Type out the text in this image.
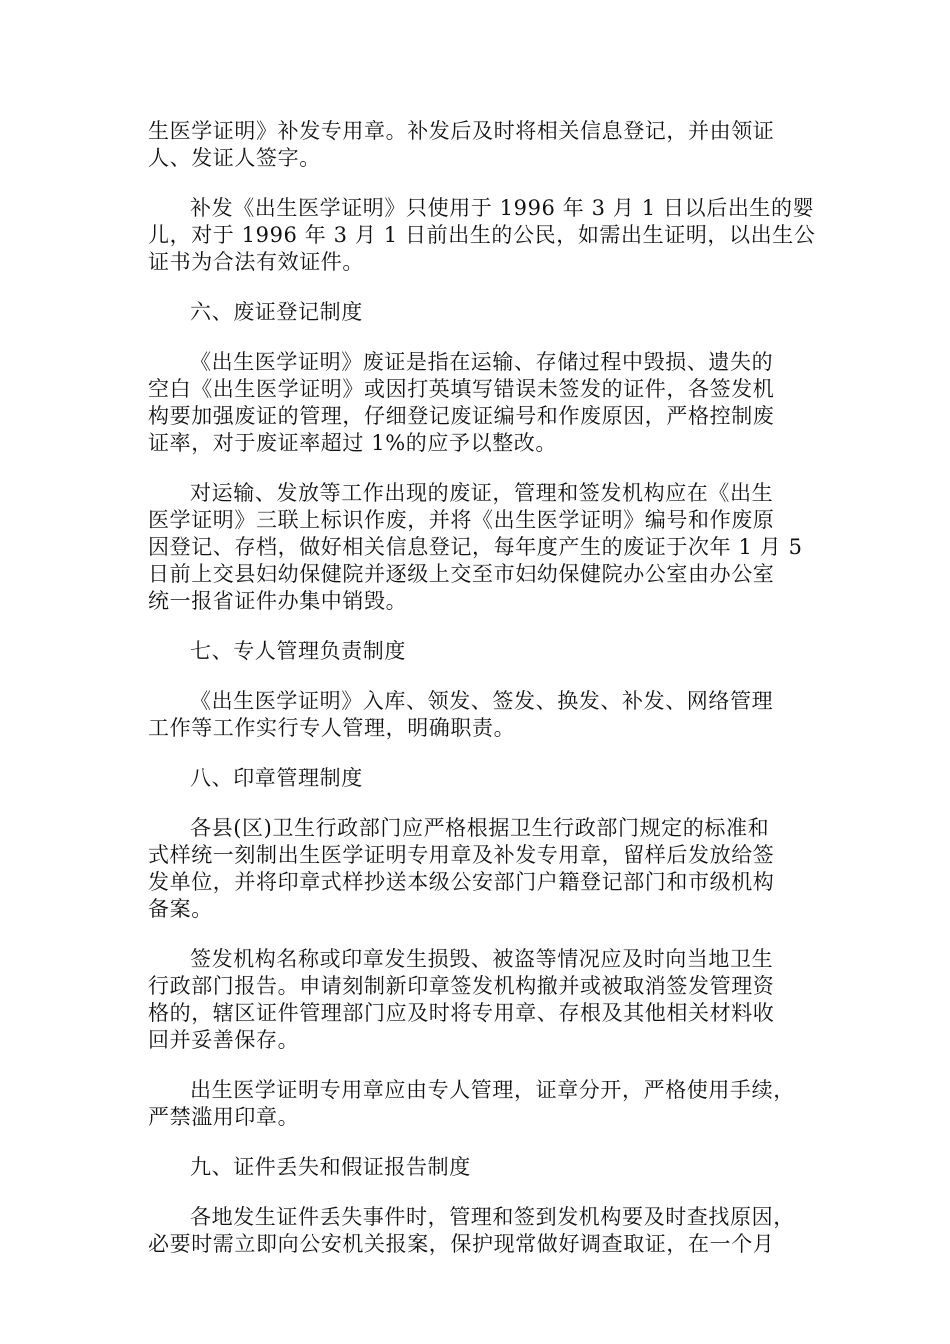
生医学证明》补发专用章。补发后及时将相关信息登记，并由领证
人、发证人签字。
补发《出生医学证明》只使用于 1996 年 3 月 1 日以后出生的婴
儿，对于 1996 年 3 月 1 日前出生的公民，如需出生证明，以出生公
证书为合法有效证件。

六、废证登记制度

《出生医学证明》废证是指在运输、存储过程中毁损、遗失的
空白《出生医学证明》或因打英填写错误未签发的证件，各签发机
构要加强废证的管理，仔细登记废证编号和作废原因，严格控制废
证率，对于废证率超过 1%的应予以整改。
对运输、发放等工作出现的废证，管理和签发机构应在《出生
医学证明》三联上标识作废，并将《出生医学证明》编号和作废原
因登记、存档，做好相关信息登记，每年度产生的废证于次年 1 月 5
日前上交县妇幼保健院并逐级上交至市妇幼保健院办公室由办公室
统一报省证件办集中销毁。

七、专人管理负责制度

《出生医学证明》入库、领发、签发、换发、补发、网络管理
工作等工作实行专人管理，明确职责。

八、印章管理制度

各县(区)卫生行政部门应严格根据卫生行政部门规定的标准和
式样统一刻制出生医学证明专用章及补发专用章，留样后发放给签
发单位，并将印章式样抄送本级公安部门户籍登记部门和市级机构
备案。
签发机构名称或印章发生损毁、被盗等情况应及时向当地卫生
行政部门报告。申请刻制新印章签发机构撤并或被取消签发管理资
格的，辖区证件管理部门应及时将专用章、存根及其他相关材料收
回并妥善保存。
出生医学证明专用章应由专人管理，证章分开，严格使用手续，
严禁滥用印章。

九、证件丢失和假证报告制度

各地发生证件丢失事件时，管理和签到发机构要及时查找原因，
必要时需立即向公安机关报案，保护现常做好调查取证，在一个月
